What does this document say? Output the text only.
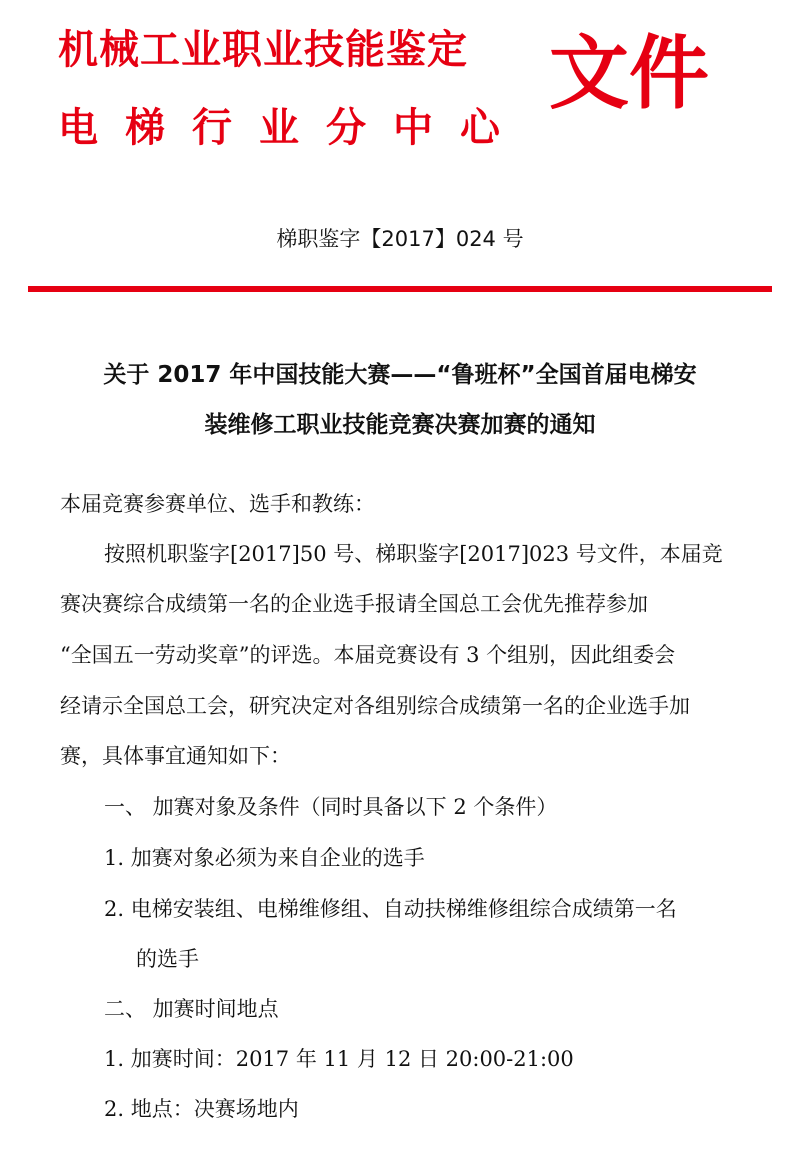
机械工业职业技能鉴定
电梯行业分中心
文件
梯职鉴字【2017】024 号
关于 2017 年中国技能大赛——“鲁班杯”全国首届电梯安
装维修工职业技能竞赛决赛加赛的通知
本届竞赛参赛单位、选手和教练：
按照机职鉴字[2017]50 号、梯职鉴字[2017]023 号文件，本届竞
赛决赛综合成绩第一名的企业选手报请全国总工会优先推荐参加
“全国五一劳动奖章”的评选。本届竞赛设有 3 个组别，因此组委会
经请示全国总工会，研究决定对各组别综合成绩第一名的企业选手加
赛，具体事宜通知如下：
一、 加赛对象及条件（同时具备以下 2 个条件）
1. 加赛对象必须为来自企业的选手
2. 电梯安装组、电梯维修组、自动扶梯维修组综合成绩第一名
的选手
二、 加赛时间地点
1. 加赛时间：2017 年 11 月 12 日 20:00-21:00
2. 地点：决赛场地内
